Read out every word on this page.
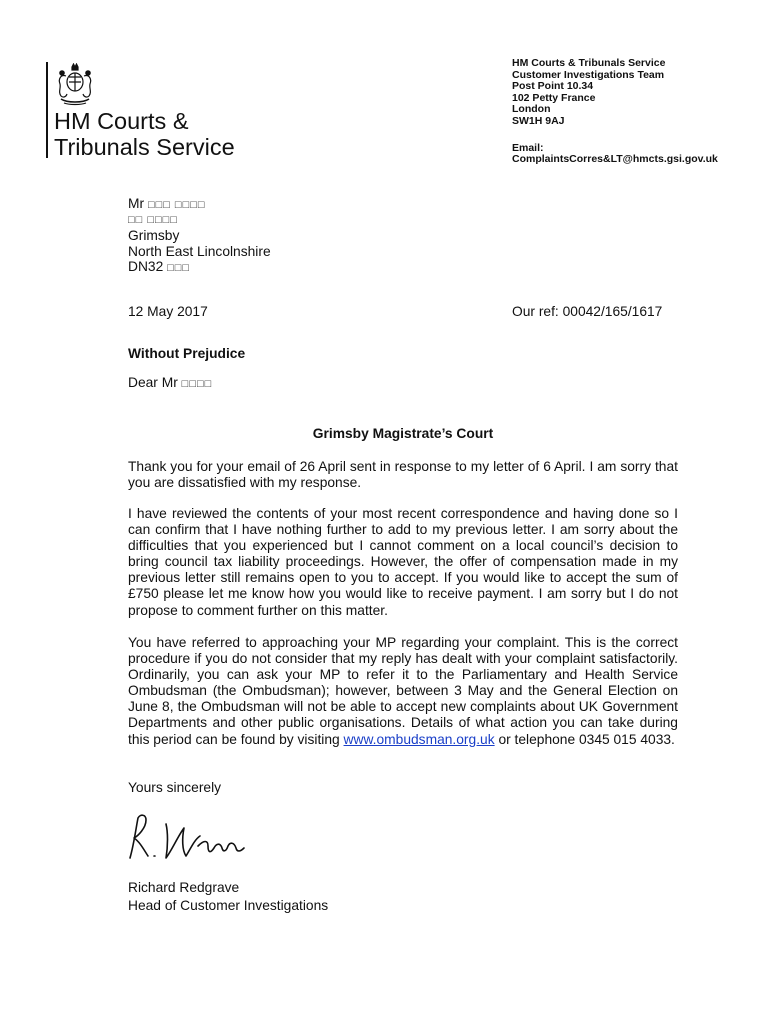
HM Courts &
Tribunals Service
HM Courts & Tribunals Service
Customer Investigations Team
Post Point 10.34
102 Petty France
London
SW1H 9AJ
Email:
ComplaintsCorres&LT@hmcts.gsi.gov.uk
Mr □□□ □□□□
□□ □□□□
Grimsby
North East Lincolnshire
DN32 □□□
12 May 2017	Our ref: 00042/165/1617
Without Prejudice
Dear Mr □□□□
Grimsby Magistrate’s Court
Thank you for your email of 26 April sent in response to my letter of 6 April. I am sorry that you are dissatisfied with my response.
I have reviewed the contents of your most recent correspondence and having done so I can confirm that I have nothing further to add to my previous letter. I am sorry about the difficulties that you experienced but I cannot comment on a local council’s decision to bring council tax liability proceedings. However, the offer of compensation made in my previous letter still remains open to you to accept. If you would like to accept the sum of £750 please let me know how you would like to receive payment. I am sorry but I do not propose to comment further on this matter.
You have referred to approaching your MP regarding your complaint. This is the correct procedure if you do not consider that my reply has dealt with your complaint satisfactorily. Ordinarily, you can ask your MP to refer it to the Parliamentary and Health Service Ombudsman (the Ombudsman); however, between 3 May and the General Election on June 8, the Ombudsman will not be able to accept new complaints about UK Government Departments and other public organisations. Details of what action you can take during this period can be found by visiting www.ombudsman.org.uk or telephone 0345 015 4033.
Yours sincerely
Richard Redgrave
Head of Customer Investigations
